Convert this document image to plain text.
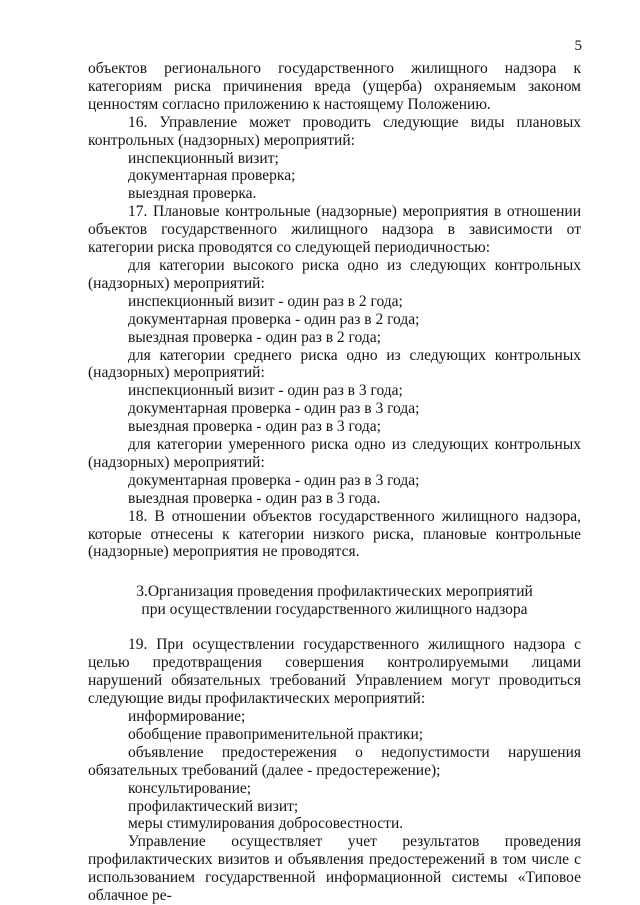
5

объектов регионального государственного жилищного надзора к категориям риска причинения вреда (ущерба) охраняемым законом ценностям согласно приложению к настоящему Положению.

16. Управление может проводить следующие виды плановых контрольных (надзорных) мероприятий:

инспекционный визит;

документарная проверка;

выездная проверка.

17. Плановые контрольные (надзорные) мероприятия в отношении объектов государственного жилищного надзора в зависимости от категории риска проводятся со следующей периодичностью:

для категории высокого риска одно из следующих контрольных (надзорных) мероприятий:

инспекционный визит - один раз в 2 года;

документарная проверка - один раз в 2 года;

выездная проверка - один раз в 2 года;

для категории среднего риска одно из следующих контрольных (надзорных) мероприятий:

инспекционный визит - один раз в 3 года;

документарная проверка - один раз в 3 года;

выездная проверка - один раз в 3 года;

для категории умеренного риска одно из следующих контрольных (надзорных) мероприятий:

документарная проверка - один раз в 3 года;

выездная проверка - один раз в 3 года.

18. В отношении объектов государственного жилищного надзора, которые отнесены к категории низкого риска, плановые контрольные (надзорные) мероприятия не проводятся.

3.Организация проведения профилактических мероприятий
при осуществлении государственного жилищного надзора

19. При осуществлении государственного жилищного надзора с целью предотвращения совершения контролируемыми лицами нарушений обязательных требований Управлением могут проводиться следующие виды профилактических мероприятий:

информирование;

обобщение правоприменительной практики;

объявление предостережения о недопустимости нарушения обязательных требований (далее - предостережение);

консультирование;

профилактический визит;

меры стимулирования добросовестности.

Управление осуществляет учет результатов проведения профилактических визитов и объявления предостережений в том числе с использованием государственной информационной системы «Типовое облачное ре-
